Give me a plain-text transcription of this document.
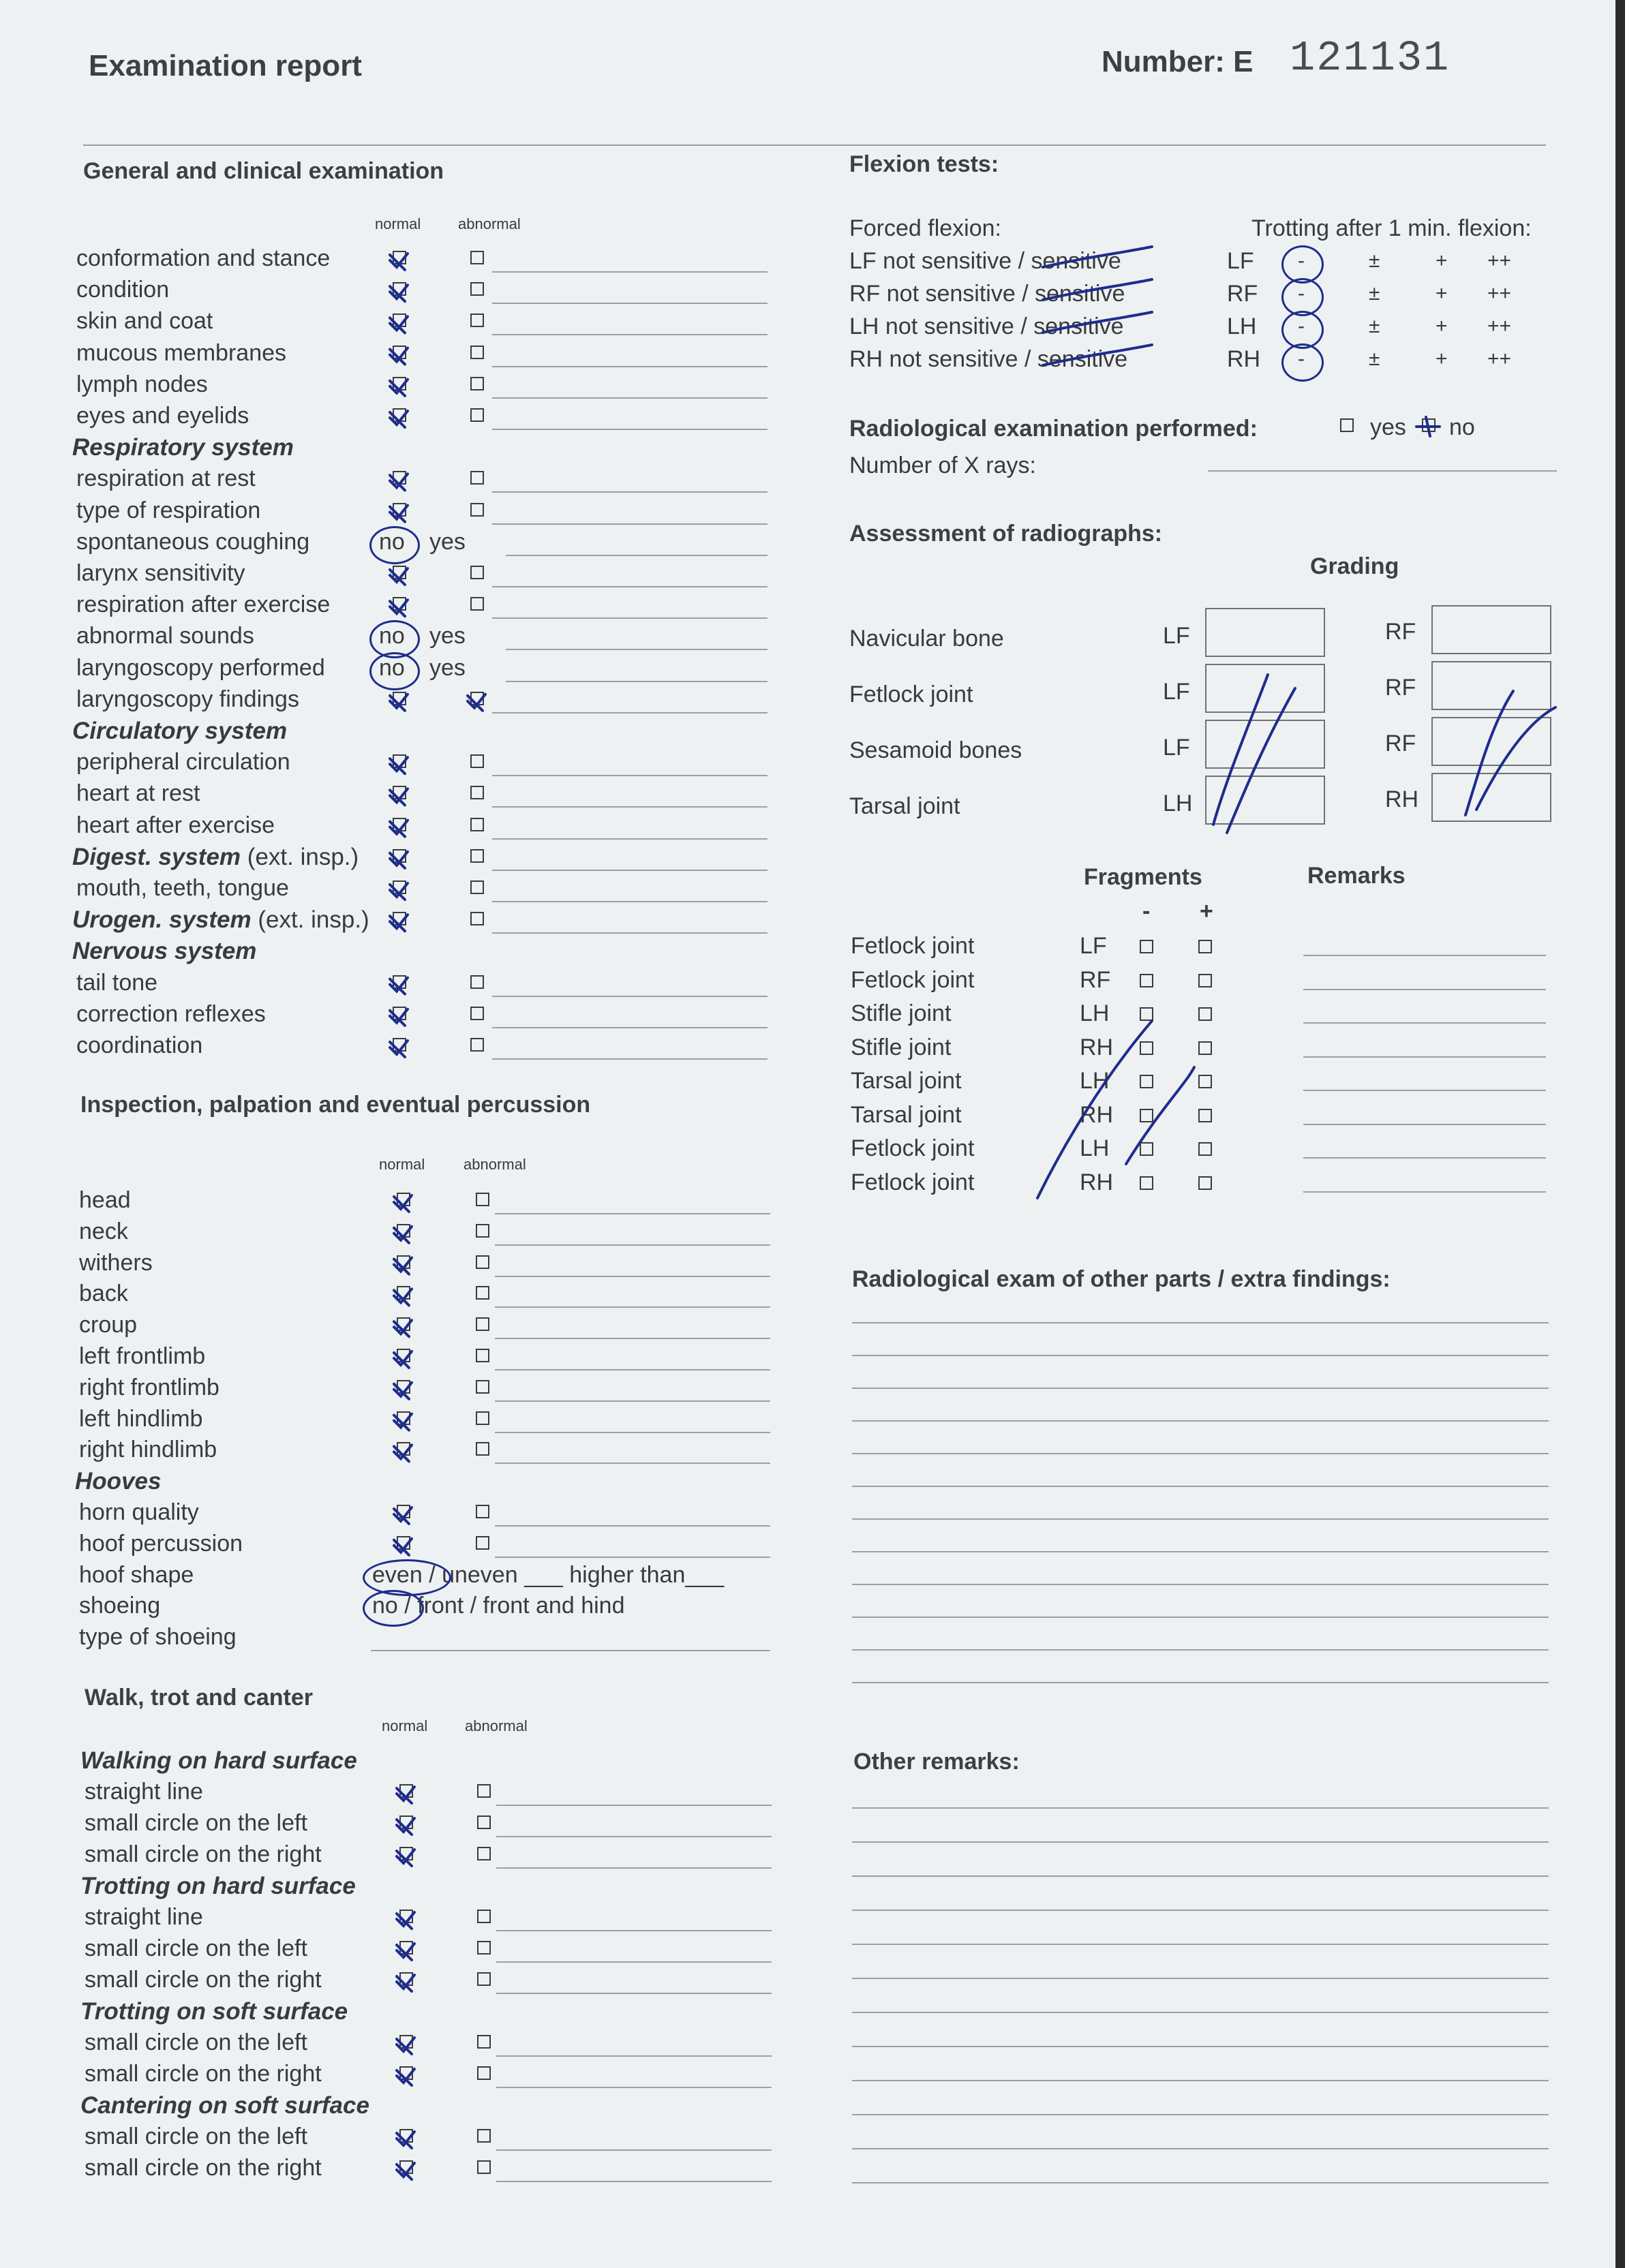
Examination report	Number: E 121131
General and clinical examination
normal abnormal
conformation and stance
condition
skin and coat
mucous membranes
lymph nodes
eyes and eyelids
Respiratory system
respiration at rest
type of respiration
spontaneous coughing	no yes
larynx sensitivity
respiration after exercise
abnormal sounds	no yes
laryngoscopy performed no yes
laryngoscopy findings
Circulatory system
peripheral circulation
heart at rest
heart after exercise
Digest. system (ext. insp.)
mouth, teeth, tongue
Urogen. system (ext. insp.)
Nervous system
tail tone
correction reflexes
coordination
Inspection, palpation and eventual percussion
normal	abnormal
head
neck
withers
back
croup
left frontlimb
right frontlimb
left hindlimb
right hindlimb
Hooves
horn quality
hoof percussion
hoof shape	even / uneven ___ higher than___
shoeing	no / front / front and hind
type of shoeing
Walk, trot and canter
normal abnormal
Walking on hard surface
straight line
small circle on the left
small circle on the right
Trotting on hard surface
straight line
small circle on the left
small circle on the right
Trotting on soft surface
small circle on the left
small circle on the right
Cantering on soft surface
small circle on the left
small circle on the right
Flexion tests:
Forced flexion:	Trotting after 1 min. flexion:
LF not sensitive / sensitive	LF -	±	+ ++
RF not sensitive / sensitive	RF -	±	+ ++
LH not sensitive / sensitive	LH -	±	+ ++
RH not sensitive / sensitive	RH -	±	+ ++
Radiological examination performed:	yes no
Number of X rays:
Assessment of radiographs:
Grading
Navicular bone	LF	RF
Fetlock joint	LF	RF
Sesamoid bones	LF	RF
Tarsal joint	LH	RH
Fragments	Remarks
- +
Fetlock joint	LF
Fetlock joint	RF
Stifle joint	LH
Stifle joint	RH
Tarsal joint	LH
Tarsal joint	RH
Fetlock joint	LH
Fetlock joint	RH
Radiological exam of other parts / extra findings:
Other remarks:
